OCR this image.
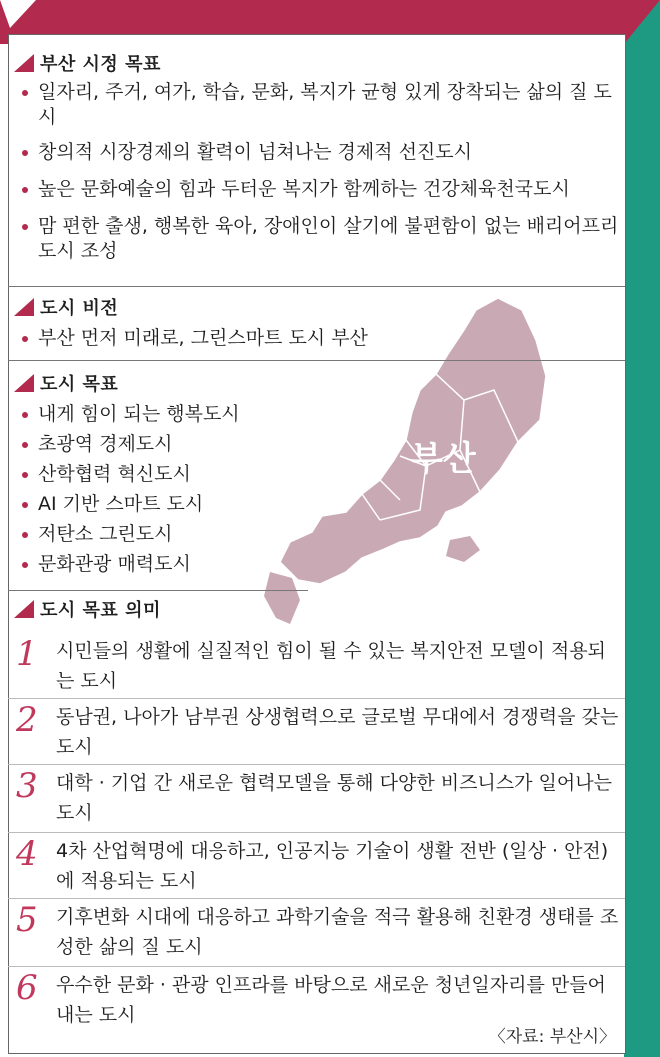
부산
부산 시정 목표
일자리, 주거, 여가, 학습, 문화, 복지가 균형 있게 장착되는 삶의 질 도시
창의적 시장경제의 활력이 넘쳐나는 경제적 선진도시
높은 문화예술의 힘과 두터운 복지가 함께하는 건강체육천국도시
맘 편한 출생, 행복한 육아, 장애인이 살기에 불편함이 없는 배리어프리 도시 조성
도시 비전
부산 먼저 미래로, 그린스마트 도시 부산
도시 목표
내게 힘이 되는 행복도시
초광역 경제도시
산학협력 혁신도시
AI 기반 스마트 도시
저탄소 그린도시
문화관광 매력도시
도시 목표 의미
1 시민들의 생활에 실질적인 힘이 될 수 있는 복지안전 모델이 적용되는 도시
2 동남권, 나아가 남부권 상생협력으로 글로벌 무대에서 경쟁력을 갖는 도시
3 대학 · 기업 간 새로운 협력모델을 통해 다양한 비즈니스가 일어나는 도시
4 4차 산업혁명에 대응하고, 인공지능 기술이 생활 전반 (일상 · 안전)에 적용되는 도시
5 기후변화 시대에 대응하고 과학기술을 적극 활용해 친환경 생태를 조성한 삶의 질 도시
6 우수한 문화 · 관광 인프라를 바탕으로 새로운 청년일자리를 만들어 내는 도시
〈자료: 부산시〉
